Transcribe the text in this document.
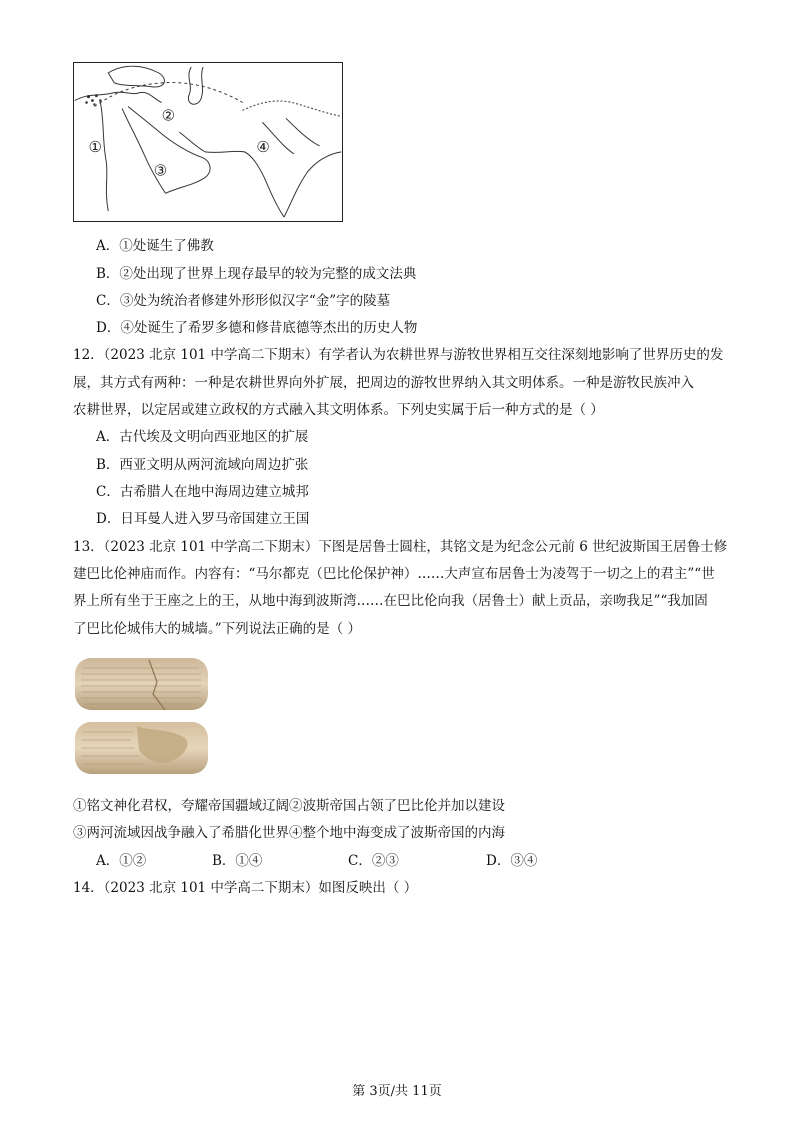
①
②
③
④
A．①处诞生了佛教
B．②处出现了世界上现存最早的较为完整的成文法典
C．③处为统治者修建外形形似汉字“金”字的陵墓
D．④处诞生了希罗多德和修昔底德等杰出的历史人物
12．（2023 北京 101 中学高二下期末）有学者认为农耕世界与游牧世界相互交往深刻地影响了世界历史的发
展，其方式有两种：一种是农耕世界向外扩展，把周边的游牧世界纳入其文明体系。一种是游牧民族冲入
农耕世界，以定居或建立政权的方式融入其文明体系。下列史实属于后一种方式的是（ ）
A．古代埃及文明向西亚地区的扩展
B．西亚文明从两河流域向周边扩张
C．古希腊人在地中海周边建立城邦
D．日耳曼人进入罗马帝国建立王国
13．（2023 北京 101 中学高二下期末）下图是居鲁士圆柱，其铭文是为纪念公元前 6 世纪波斯国王居鲁士修
建巴比伦神庙而作。内容有：“马尔都克（巴比伦保护神）……大声宣布居鲁士为凌驾于一切之上的君主”“世
界上所有坐于王座之上的王，从地中海到波斯湾……在巴比伦向我（居鲁士）献上贡品，亲吻我足”“我加固
了巴比伦城伟大的城墙。”下列说法正确的是（ ）
①铭文神化君权，夸耀帝国疆域辽阔②波斯帝国占领了巴比伦并加以建设
③两河流域因战争融入了希腊化世界④整个地中海变成了波斯帝国的内海
A．①②	B．①④	C．②③	D．③④
14．（2023 北京 101 中学高二下期末）如图反映出（ ）
第 3页/共 11页
